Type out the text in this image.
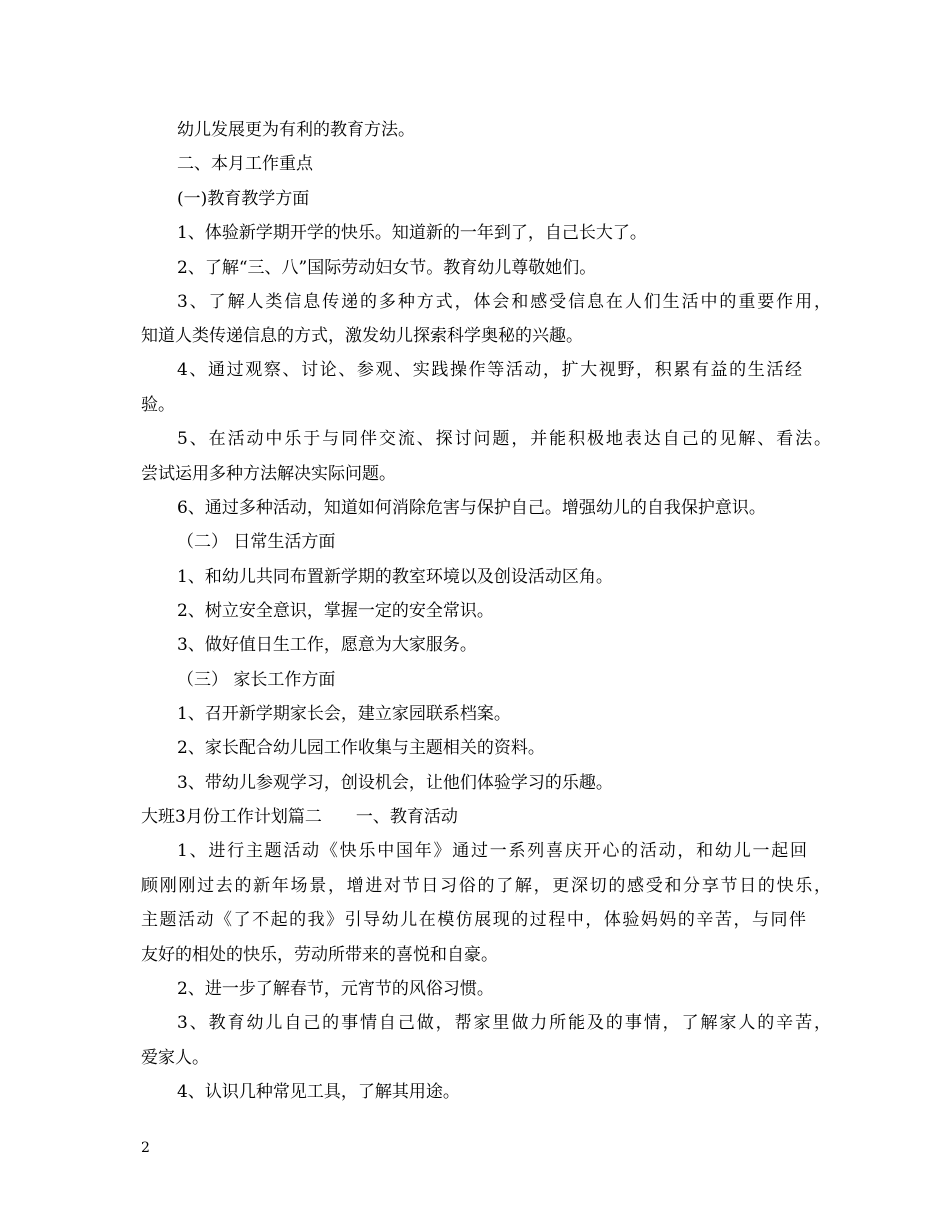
幼儿发展更为有利的教育方法。
二、本月工作重点
(一)教育教学方面
1、体验新学期开学的快乐。知道新的一年到了，自己长大了。
2、了解“三、八”国际劳动妇女节。教育幼儿尊敬她们。
3、了解人类信息传递的多种方式，体会和感受信息在人们生活中的重要作用，
知道人类传递信息的方式，激发幼儿探索科学奥秘的兴趣。
4、通过观察、讨论、参观、实践操作等活动，扩大视野，积累有益的生活经
验。
5、在活动中乐于与同伴交流、探讨问题，并能积极地表达自己的见解、看法。
尝试运用多种方法解决实际问题。
6、通过多种活动，知道如何消除危害与保护自己。增强幼儿的自我保护意识。
（二） 日常生活方面
1、和幼儿共同布置新学期的教室环境以及创设活动区角。
2、树立安全意识，掌握一定的安全常识。
3、做好值日生工作，愿意为大家服务。
（三） 家长工作方面
1、召开新学期家长会，建立家园联系档案。
2、家长配合幼儿园工作收集与主题相关的资料。
3、带幼儿参观学习，创设机会，让他们体验学习的乐趣。
大班3月份工作计划篇二　　一、教育活动
1、进行主题活动《快乐中国年》通过一系列喜庆开心的活动，和幼儿一起回
顾刚刚过去的新年场景，增进对节日习俗的了解，更深切的感受和分享节日的快乐，
主题活动《了不起的我》引导幼儿在模仿展现的过程中，体验妈妈的辛苦，与同伴
友好的相处的快乐，劳动所带来的喜悦和自豪。
2、进一步了解春节，元宵节的风俗习惯。
3、教育幼儿自己的事情自己做，帮家里做力所能及的事情，了解家人的辛苦，
爱家人。
4、认识几种常见工具，了解其用途。
2
